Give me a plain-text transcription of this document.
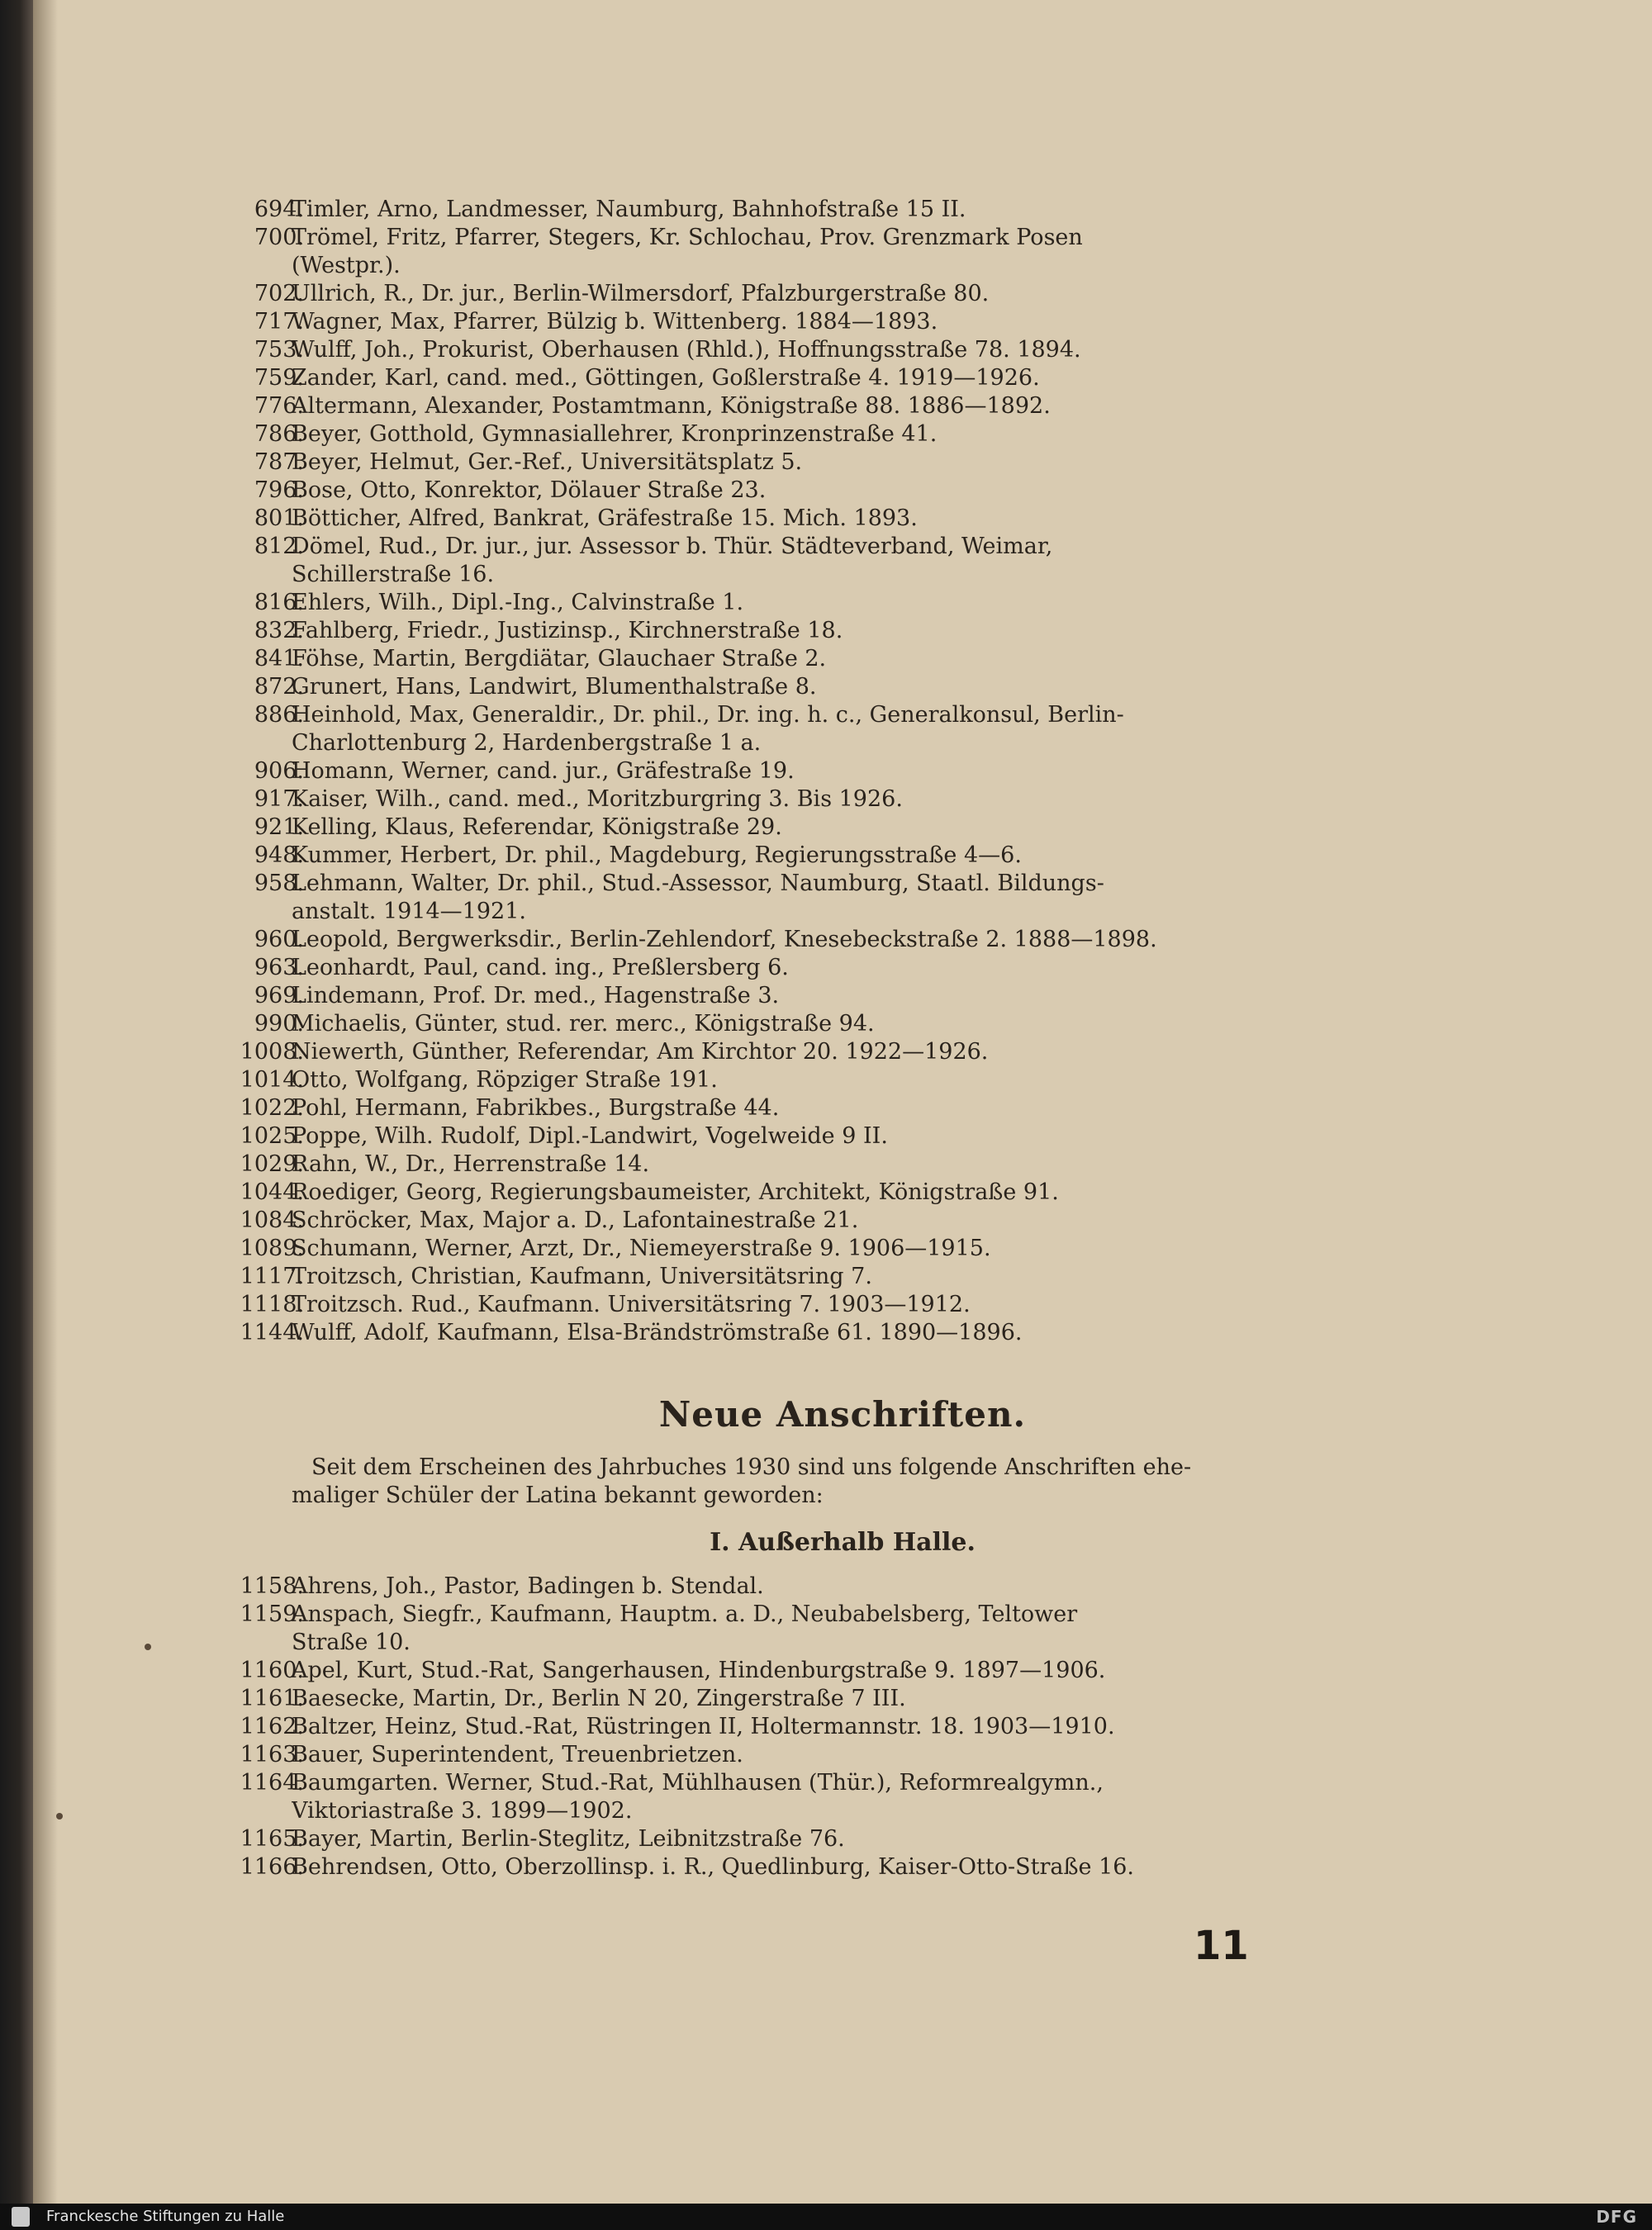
694.
Timler, Arno, Landmesser, Naumburg, Bahnhofstraße 15 II.
700.
Trömel, Fritz, Pfarrer, Stegers, Kr. Schlochau, Prov. Grenzmark Posen
(Westpr.).
702.
Ullrich, R., Dr. jur., Berlin-Wilmersdorf, Pfalzburgerstraße 80.
717.
Wagner, Max, Pfarrer, Bülzig b. Wittenberg. 1884—1893.
753.
Wulff, Joh., Prokurist, Oberhausen (Rhld.), Hoffnungsstraße 78. 1894.
759.
Zander, Karl, cand. med., Göttingen, Goßlerstraße 4. 1919—1926.
776.
Altermann, Alexander, Postamtmann, Königstraße 88. 1886—1892.
786.
Beyer, Gotthold, Gymnasiallehrer, Kronprinzenstraße 41.
787.
Beyer, Helmut, Ger.-Ref., Universitätsplatz 5.
796.
Bose, Otto, Konrektor, Dölauer Straße 23.
801.
Bötticher, Alfred, Bankrat, Gräfestraße 15. Mich. 1893.
812.
Dömel, Rud., Dr. jur., jur. Assessor b. Thür. Städteverband, Weimar,
Schillerstraße 16.
816.
Ehlers, Wilh., Dipl.-Ing., Calvinstraße 1.
832.
Fahlberg, Friedr., Justizinsp., Kirchnerstraße 18.
841.
Föhse, Martin, Bergdiätar, Glauchaer Straße 2.
872.
Grunert, Hans, Landwirt, Blumenthalstraße 8.
886.
Heinhold, Max, Generaldir., Dr. phil., Dr. ing. h. c., Generalkonsul, Berlin-
Charlottenburg 2, Hardenbergstraße 1 a.
906.
Homann, Werner, cand. jur., Gräfestraße 19.
917.
Kaiser, Wilh., cand. med., Moritzburgring 3. Bis 1926.
921.
Kelling, Klaus, Referendar, Königstraße 29.
948.
Kummer, Herbert, Dr. phil., Magdeburg, Regierungsstraße 4—6.
958.
Lehmann, Walter, Dr. phil., Stud.-Assessor, Naumburg, Staatl. Bildungs-
anstalt. 1914—1921.
960.
Leopold, Bergwerksdir., Berlin-Zehlendorf, Knesebeckstraße 2. 1888—1898.
963.
Leonhardt, Paul, cand. ing., Preßlersberg 6.
969.
Lindemann, Prof. Dr. med., Hagenstraße 3.
990.
Michaelis, Günter, stud. rer. merc., Königstraße 94.
1008.
Niewerth, Günther, Referendar, Am Kirchtor 20. 1922—1926.
1014.
Otto, Wolfgang, Röpziger Straße 191.
1022.
Pohl, Hermann, Fabrikbes., Burgstraße 44.
1025.
Poppe, Wilh. Rudolf, Dipl.-Landwirt, Vogelweide 9 II.
1029.
Rahn, W., Dr., Herrenstraße 14.
1044.
Roediger, Georg, Regierungsbaumeister, Architekt, Königstraße 91.
1084.
Schröcker, Max, Major a. D., Lafontainestraße 21.
1089.
Schumann, Werner, Arzt, Dr., Niemeyerstraße 9. 1906—1915.
1117.
Troitzsch, Christian, Kaufmann, Universitätsring 7.
1118.
Troitzsch. Rud., Kaufmann. Universitätsring 7. 1903—1912.
1144.
Wulff, Adolf, Kaufmann, Elsa-Brändströmstraße 61. 1890—1896.
Neue Anschriften.
Seit dem Erscheinen des Jahrbuches 1930 sind uns folgende Anschriften ehe-
maliger Schüler der Latina bekannt geworden:
I. Außerhalb Halle.
1158.
Ahrens, Joh., Pastor, Badingen b. Stendal.
1159.
Anspach, Siegfr., Kaufmann, Hauptm. a. D., Neubabelsberg, Teltower
Straße 10.
1160.
Apel, Kurt, Stud.-Rat, Sangerhausen, Hindenburgstraße 9. 1897—1906.
1161.
Baesecke, Martin, Dr., Berlin N 20, Zingerstraße 7 III.
1162.
Baltzer, Heinz, Stud.-Rat, Rüstringen II, Holtermannstr. 18. 1903—1910.
1163.
Bauer, Superintendent, Treuenbrietzen.
1164.
Baumgarten. Werner, Stud.-Rat, Mühlhausen (Thür.), Reformrealgymn.,
Viktoriastraße 3. 1899—1902.
1165.
Bayer, Martin, Berlin-Steglitz, Leibnitzstraße 76.
1166.
Behrendsen, Otto, Oberzollinsp. i. R., Quedlinburg, Kaiser-Otto-Straße 16.
11
Franckesche Stiftungen zu Halle	DFG
